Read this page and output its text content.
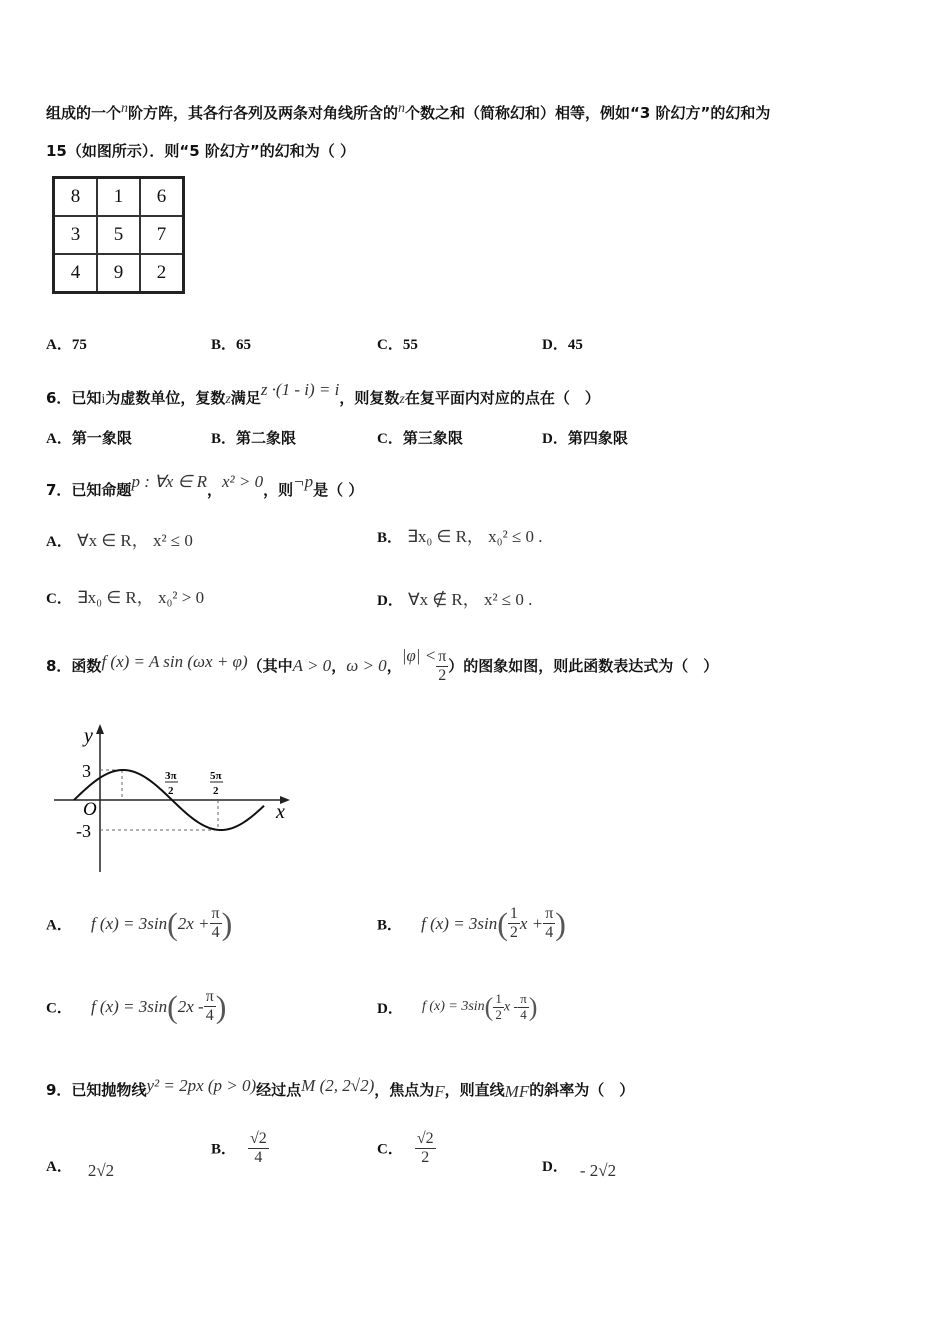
组成的一个n阶方阵，其各行各列及两条对角线所含的n个数之和（简称幻和）相等，例如“3 阶幻方”的幻和为
15（如图所示）．则“5 阶幻方”的幻和为（ ）
8	1	6
3	5	7
4	9	2
A．75	B．65	C．55	D．45
6．已知i为虚数单位，复数z满足z ·(1 - i) = i，则复数z在复平面内对应的点在（　）
A．第一象限	C．第三象限
B．第二象限	D．第四象限
7．已知命题p : ∀x ∈ R，x² > 0，则¬p是（ ）
A． ∀x ∈ R， x² ≤ 0	B． ∃x₀ ∈ R， x₀² ≤ 0 .
C． ∃x₀ ∈ R， x₀² > 0	D． ∀x ∉ R， x² ≤ 0 .
8．函数f (x) = A sin (ωx + φ)（其中A > 0，ω > 0，$|\varphi| < \frac{\pi}{2}$ ）的图象如图，则此函数表达式为（　）
y
x
O
3
-3
3π
2
5π
2
A． f $(x) = 3\sin(2x + \frac{\pi}{4}$ )	B． f $(x) = 3\sin( \frac{1}{2}$ $x + \frac{\pi}{4}$ )
C． f $(x) = 3\sin(2x - \frac{\pi}{4}$ )	D． f $(x) = 3\sin( \frac{1}{2}$ x - $\frac{\pi}{4}$ )
9．已知抛物线y² = 2px (p > 0)经过点M (2, 2√2)，焦点为F，则直线MF的斜率为（　）
A． 2√2
B． $\frac{√2}{4}$	C． $\frac{√2}{2}$	D． - 2√2
